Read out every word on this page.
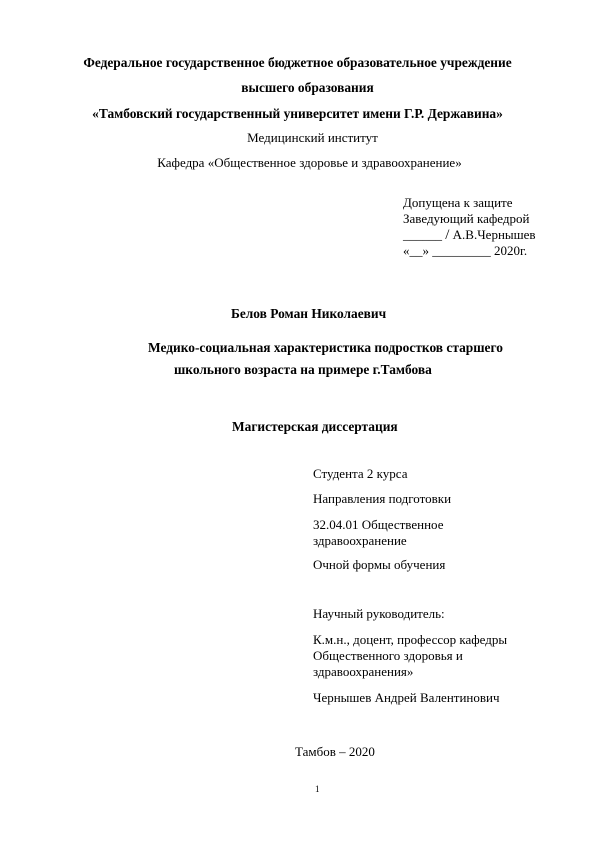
Федеральное государственное бюджетное образовательное учреждение
высшего образования
«Тамбовский государственный университет имени Г.Р. Державина»
Медицинский институт
Кафедра «Общественное здоровье и здравоохранение»
Допущена к защите
Заведующий кафедрой
______ / А.В.Чернышев
«__» _________ 2020г.
Белов Роман Николаевич
Медико-социальная характеристика подростков старшего
школьного возраста на примере г.Тамбова
Магистерская диссертация
Студента 2 курса
Направления подготовки
32.04.01 Общественное
здравоохранение
Очной формы обучения
Научный руководитель:
К.м.н., доцент, профессор кафедры
Общественного здоровья и
здравоохранения»
Чернышев Андрей Валентинович
Тамбов – 2020
1
